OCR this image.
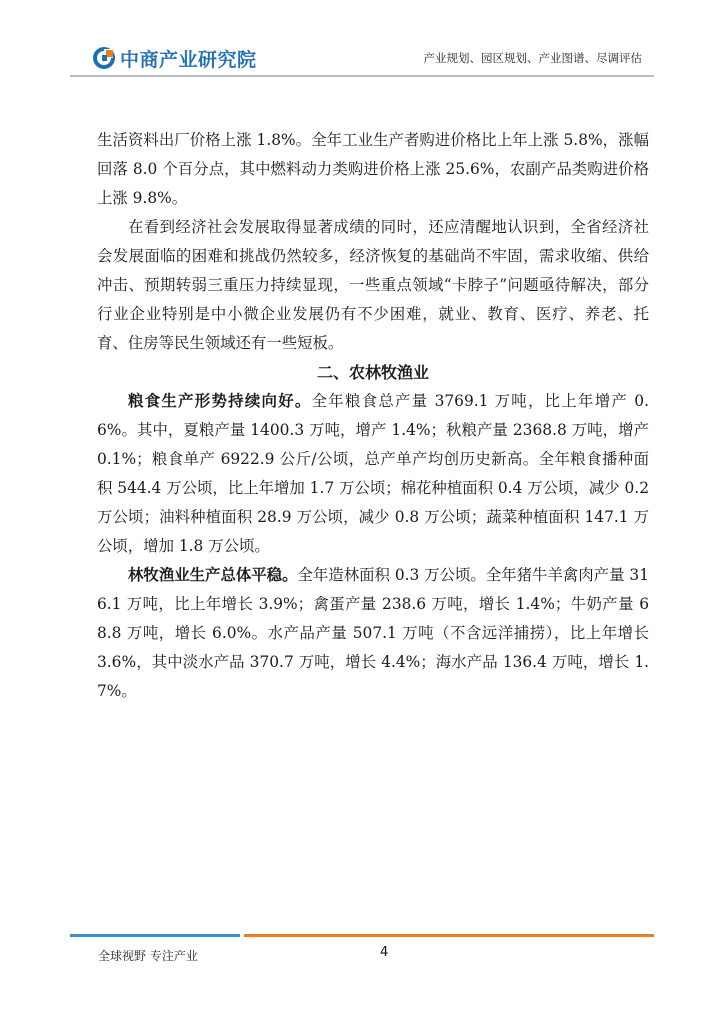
中商产业研究院	产业规划、园区规划、产业图谱、尽调评估

生活资料出厂价格上涨 1.8%。全年工业生产者购进价格比上年上涨 5.8%，涨幅回落 8.0 个百分点，其中燃料动力类购进价格上涨 25.6%，农副产品类购进价格上涨 9.8%。

在看到经济社会发展取得显著成绩的同时，还应清醒地认识到，全省经济社会发展面临的困难和挑战仍然较多，经济恢复的基础尚不牢固，需求收缩、供给冲击、预期转弱三重压力持续显现，一些重点领域“卡脖子”问题亟待解决，部分行业企业特别是中小微企业发展仍有不少困难，就业、教育、医疗、养老、托育、住房等民生领域还有一些短板。

二、农林牧渔业

粮食生产形势持续向好。全年粮食总产量 3769.1 万吨，比上年增产 0.6%。其中，夏粮产量 1400.3 万吨，增产 1.4%；秋粮产量 2368.8 万吨，增产 0.1%；粮食单产 6922.9 公斤/公顷，总产单产均创历史新高。全年粮食播种面积 544.4 万公顷，比上年增加 1.7 万公顷；棉花种植面积 0.4 万公顷，减少 0.2 万公顷；油料种植面积 28.9 万公顷，减少 0.8 万公顷；蔬菜种植面积 147.1 万公顷，增加 1.8 万公顷。

林牧渔业生产总体平稳。全年造林面积 0.3 万公顷。全年猪牛羊禽肉产量 316.1 万吨，比上年增长 3.9%；禽蛋产量 238.6 万吨，增长 1.4%；牛奶产量 68.8 万吨，增长 6.0%。水产品产量 507.1 万吨（不含远洋捕捞），比上年增长 3.6%，其中淡水产品 370.7 万吨，增长 4.4%；海水产品 136.4 万吨，增长 1.7%。

全球视野 专注产业	4
